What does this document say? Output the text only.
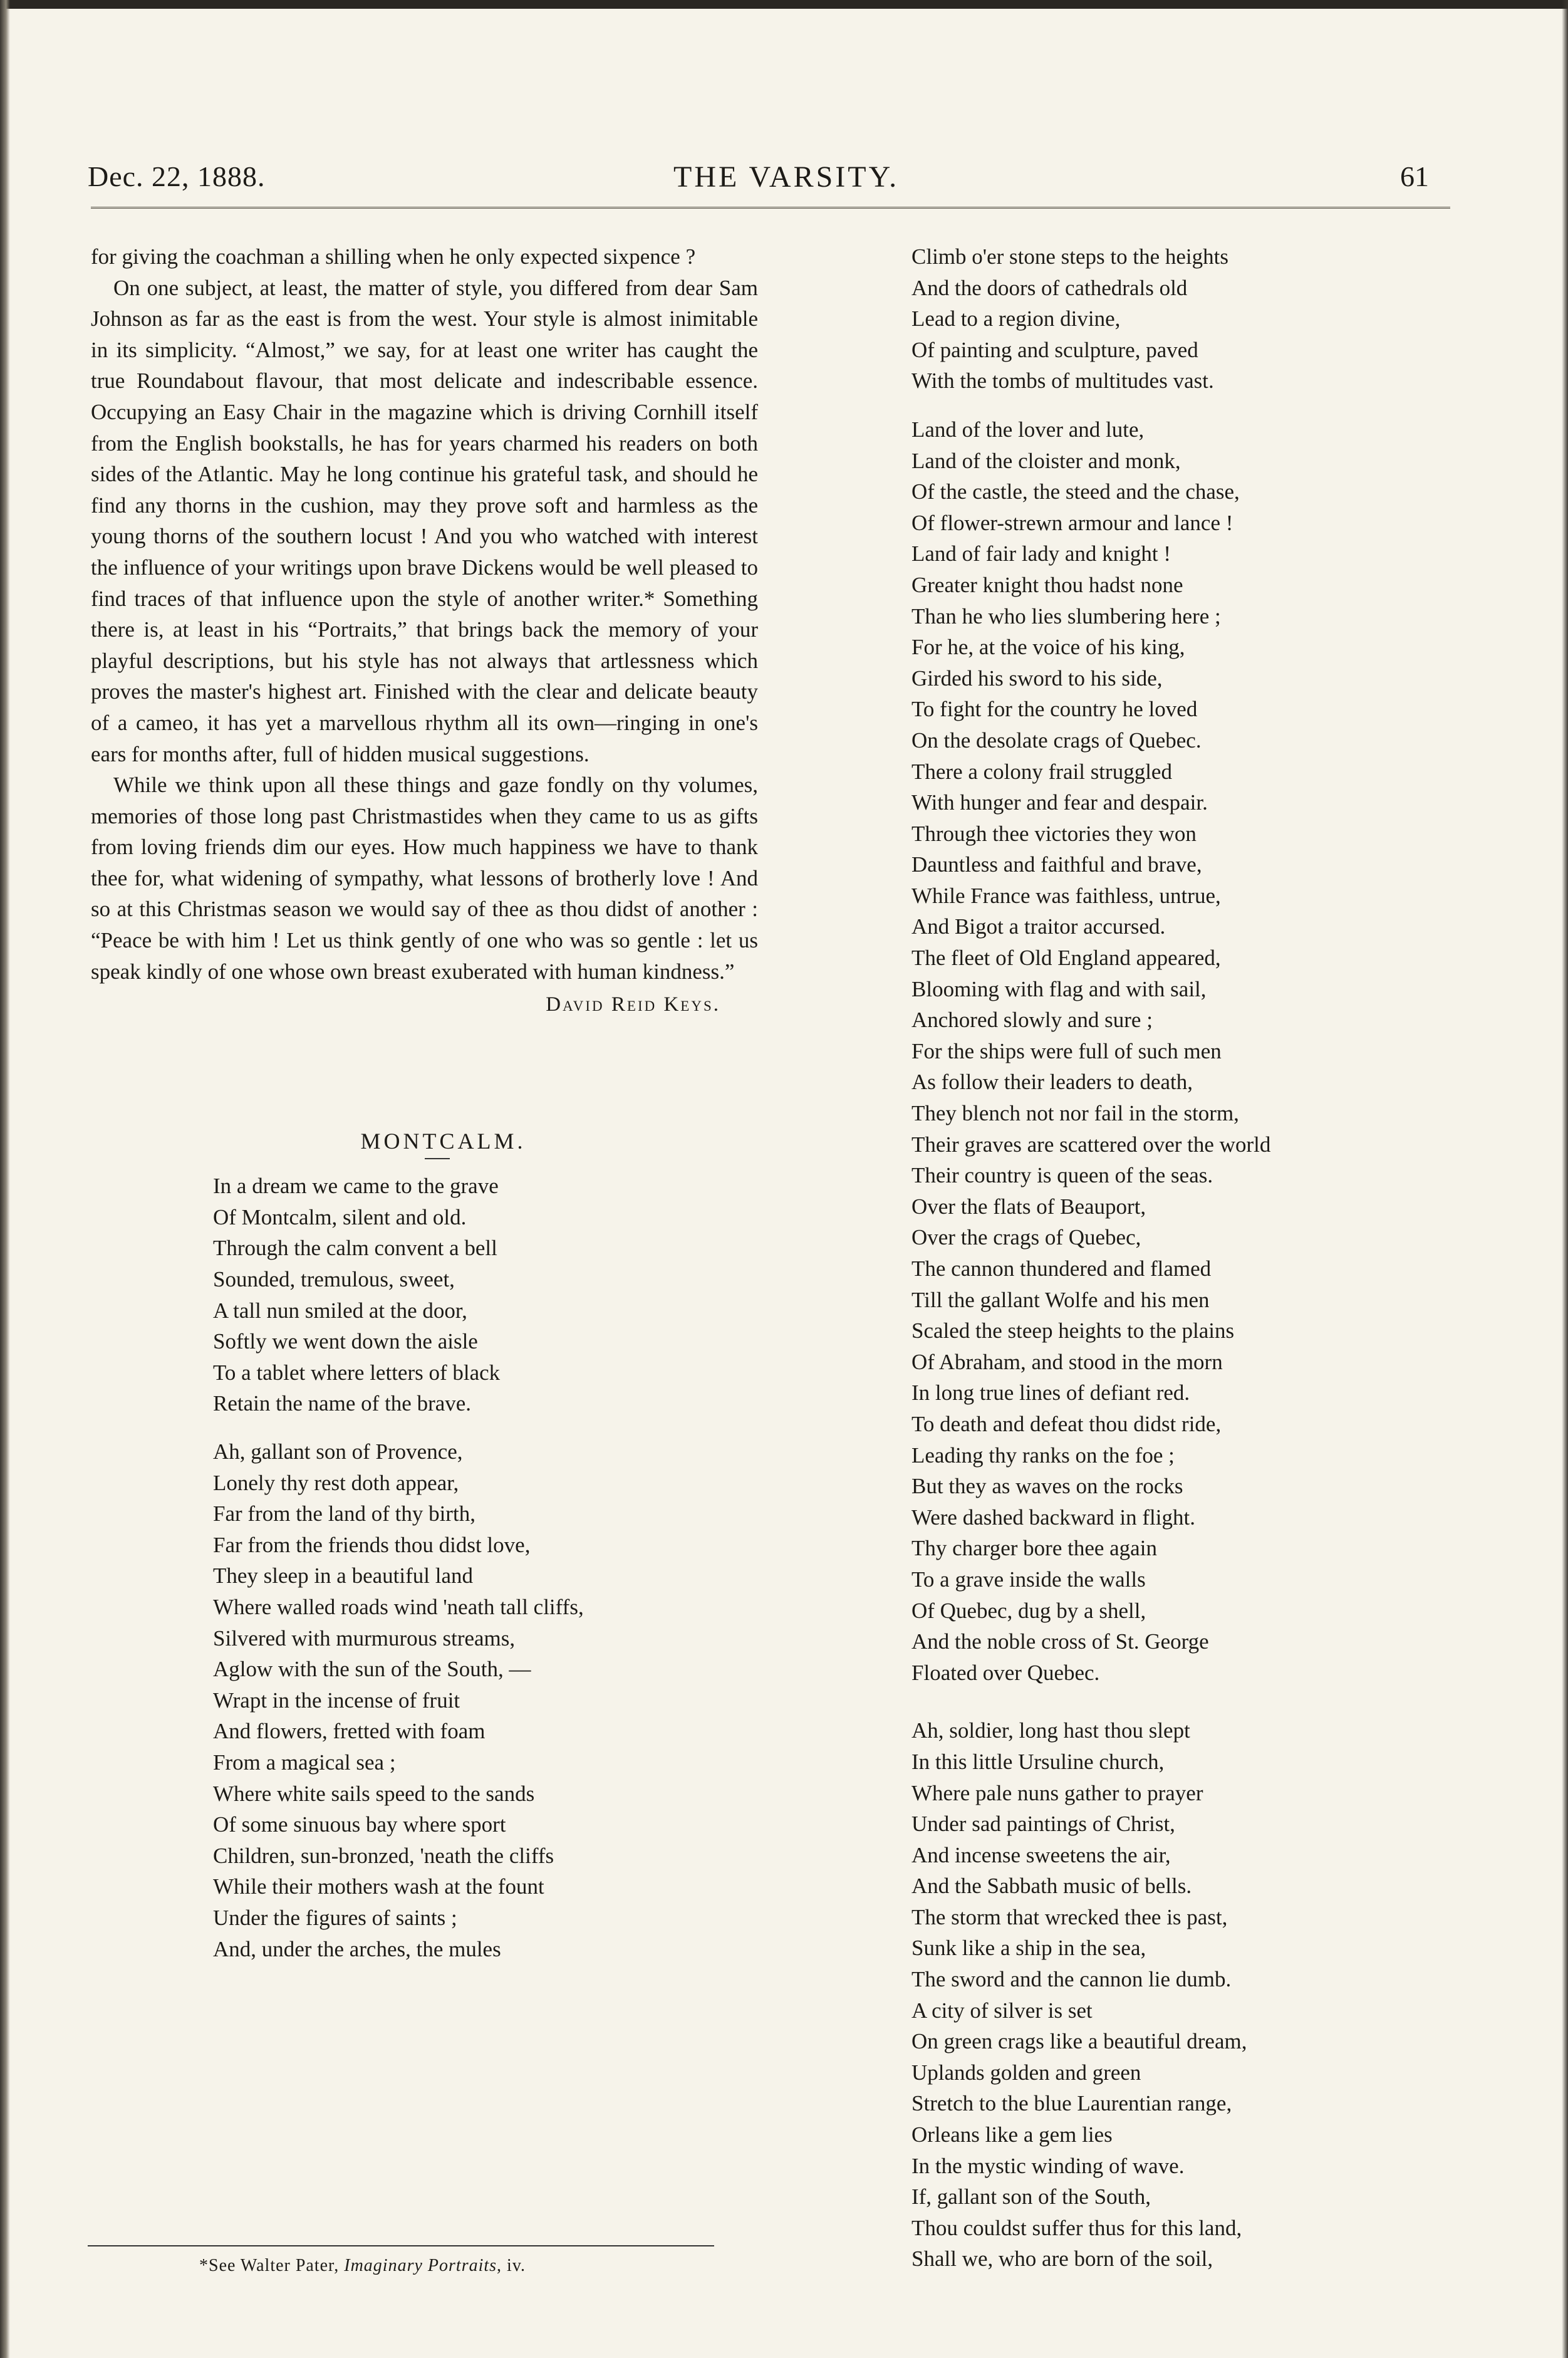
Dec. 22, 1888.	THE VARSITY.	61

for giving the coachman a shilling when he only expected sixpence ?

On one subject, at least, the matter of style, you differed from dear Sam Johnson as far as the east is from the west. Your style is almost inimitable in its simplicity. “Almost,” we say, for at least one writer has caught the true Roundabout flavour, that most delicate and indescribable essence. Occupying an Easy Chair in the magazine which is driving Cornhill itself from the English bookstalls, he has for years charmed his readers on both sides of the Atlantic. May he long continue his grateful task, and should he find any thorns in the cushion, may they prove soft and harmless as the young thorns of the southern locust ! And you who watched with interest the influence of your writings upon brave Dickens would be well pleased to find traces of that influence upon the style of another writer.* Something there is, at least in his “Portraits,” that brings back the memory of your playful descriptions, but his style has not always that artlessness which proves the master's highest art. Finished with the clear and delicate beauty of a cameo, it has yet a marvellous rhythm all its own—ringing in one's ears for months after, full of hidden musical suggestions.

While we think upon all these things and gaze fondly on thy volumes, memories of those long past Christmastides when they came to us as gifts from loving friends dim our eyes. How much happiness we have to thank thee for, what widening of sympathy, what lessons of brotherly love ! And so at this Christmas season we would say of thee as thou didst of another : “Peace be with him ! Let us think gently of one who was so gentle : let us speak kindly of one whose own breast exuberated with human kindness.”

David Reid Keys.
MONTCALM.
In a dream we came to the grave
Of Montcalm, silent and old.
Through the calm convent a bell
Sounded, tremulous, sweet,
A tall nun smiled at the door,
Softly we went down the aisle
To a tablet where letters of black
Retain the name of the brave.
Ah, gallant son of Provence,
Lonely thy rest doth appear,
Far from the land of thy birth,
Far from the friends thou didst love,
They sleep in a beautiful land
Where walled roads wind 'neath tall cliffs,
Silvered with murmurous streams,
Aglow with the sun of the South, —
Wrapt in the incense of fruit
And flowers, fretted with foam
From a magical sea ;
Where white sails speed to the sands
Of some sinuous bay where sport
Children, sun-bronzed, 'neath the cliffs
While their mothers wash at the fount
Under the figures of saints ;
And, under the arches, the mules
Climb o'er stone steps to the heights
And the doors of cathedrals old
Lead to a region divine,
Of painting and sculpture, paved
With the tombs of multitudes vast.
Land of the lover and lute,
Land of the cloister and monk,
Of the castle, the steed and the chase,
Of flower-strewn armour and lance !
Land of fair lady and knight !
Greater knight thou hadst none
Than he who lies slumbering here ;
For he, at the voice of his king,
Girded his sword to his side,
To fight for the country he loved
On the desolate crags of Quebec.
There a colony frail struggled
With hunger and fear and despair.
Through thee victories they won
Dauntless and faithful and brave,
While France was faithless, untrue,
And Bigot a traitor accursed.
The fleet of Old England appeared,
Blooming with flag and with sail,
Anchored slowly and sure ;
For the ships were full of such men
As follow their leaders to death,
They blench not nor fail in the storm,
Their graves are scattered over the world
Their country is queen of the seas.
Over the flats of Beauport,
Over the crags of Quebec,
The cannon thundered and flamed
Till the gallant Wolfe and his men
Scaled the steep heights to the plains
Of Abraham, and stood in the morn
In long true lines of defiant red.
To death and defeat thou didst ride,
Leading thy ranks on the foe ;
But they as waves on the rocks
Were dashed backward in flight.
Thy charger bore thee again
To a grave inside the walls
Of Quebec, dug by a shell,
And the noble cross of St. George
Floated over Quebec.
Ah, soldier, long hast thou slept
In this little Ursuline church,
Where pale nuns gather to prayer
Under sad paintings of Christ,
And incense sweetens the air,
And the Sabbath music of bells.
The storm that wrecked thee is past,
Sunk like a ship in the sea,
The sword and the cannon lie dumb.
A city of silver is set
On green crags like a beautiful dream,
Uplands golden and green
Stretch to the blue Laurentian range,
Orleans like a gem lies
In the mystic winding of wave.
If, gallant son of the South,
Thou couldst suffer thus for this land,
Shall we, who are born of the soil,
*See Walter Pater, Imaginary Portraits, iv.
